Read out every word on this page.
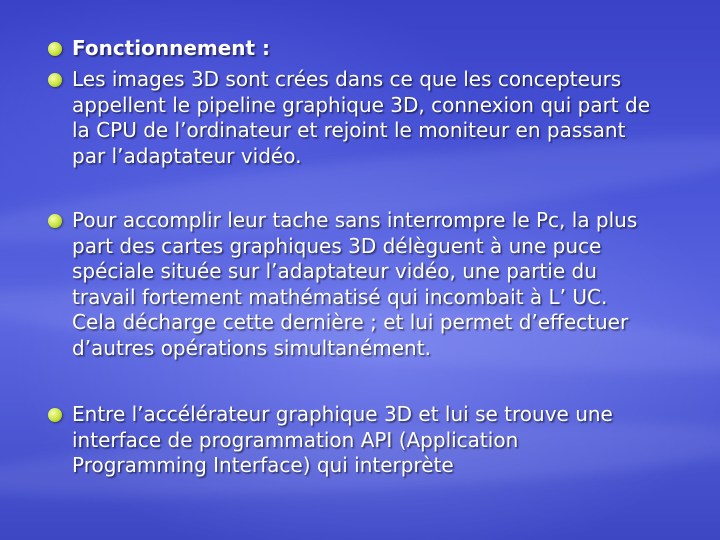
Fonctionnement :
Les images 3D sont crées dans ce que les concepteurs
appellent le pipeline graphique 3D, connexion qui part de
la CPU de l’ordinateur et rejoint le moniteur en passant
par l’adaptateur vidéo.
Pour accomplir leur tache sans interrompre le Pc, la plus
part des cartes graphiques 3D délèguent à une puce
spéciale située sur l’adaptateur vidéo, une partie du
travail fortement mathématisé qui incombait à L’ UC.
Cela décharge cette dernière ; et lui permet d’effectuer
d’autres opérations simultanément.
Entre l’accélérateur graphique 3D et lui se trouve une
interface de programmation API (Application
Programming Interface) qui interprète
